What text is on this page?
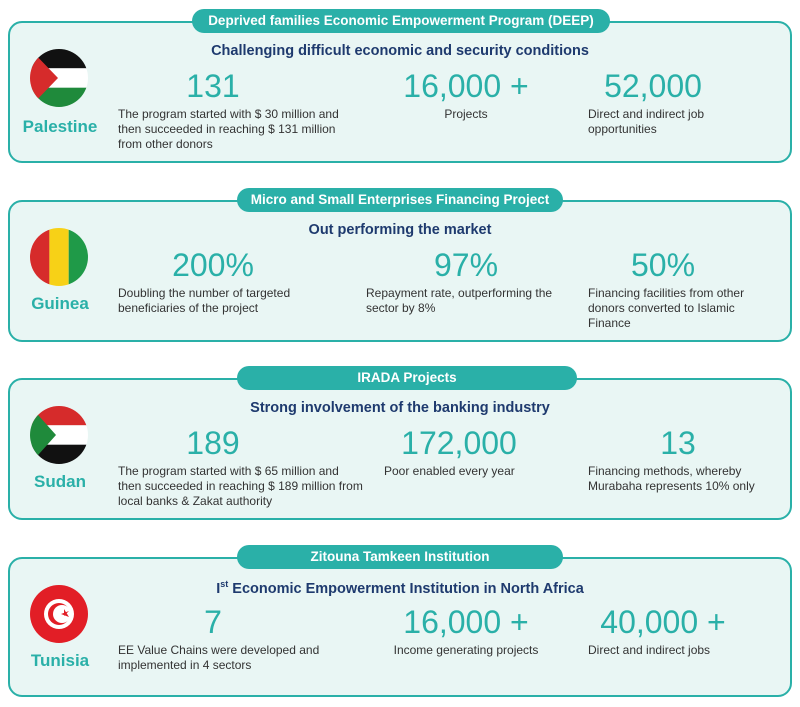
Challenging difficult economic and security conditions
Palestine
131
The program started with $ 30 million and then succeeded in reaching $ 131 million from other donors
16,000 +
Projects
52,000
Direct and indirect job opportunities
Deprived families Economic Empowerment Program (DEEP)
Out performing the market
Guinea
200%
Doubling the number of targeted beneficiaries of the project
97%
Repayment rate, outperforming the sector by 8%
50%
Financing facilities from other donors converted to Islamic Finance
Micro and Small Enterprises Financing Project
Strong involvement of the banking industry
Sudan
189
The program started with $ 65 million and then succeeded in reaching $ 189 million from local banks & Zakat authority
172,000
Poor enabled every year
13
Financing methods, whereby Murabaha represents 10% only
IRADA Projects
Ist Economic Empowerment Institution in North Africa
Tunisia
7
EE Value Chains were developed and implemented in 4 sectors
16,000 +
Income generating projects
40,000 +
Direct and indirect jobs
Zitouna Tamkeen Institution
